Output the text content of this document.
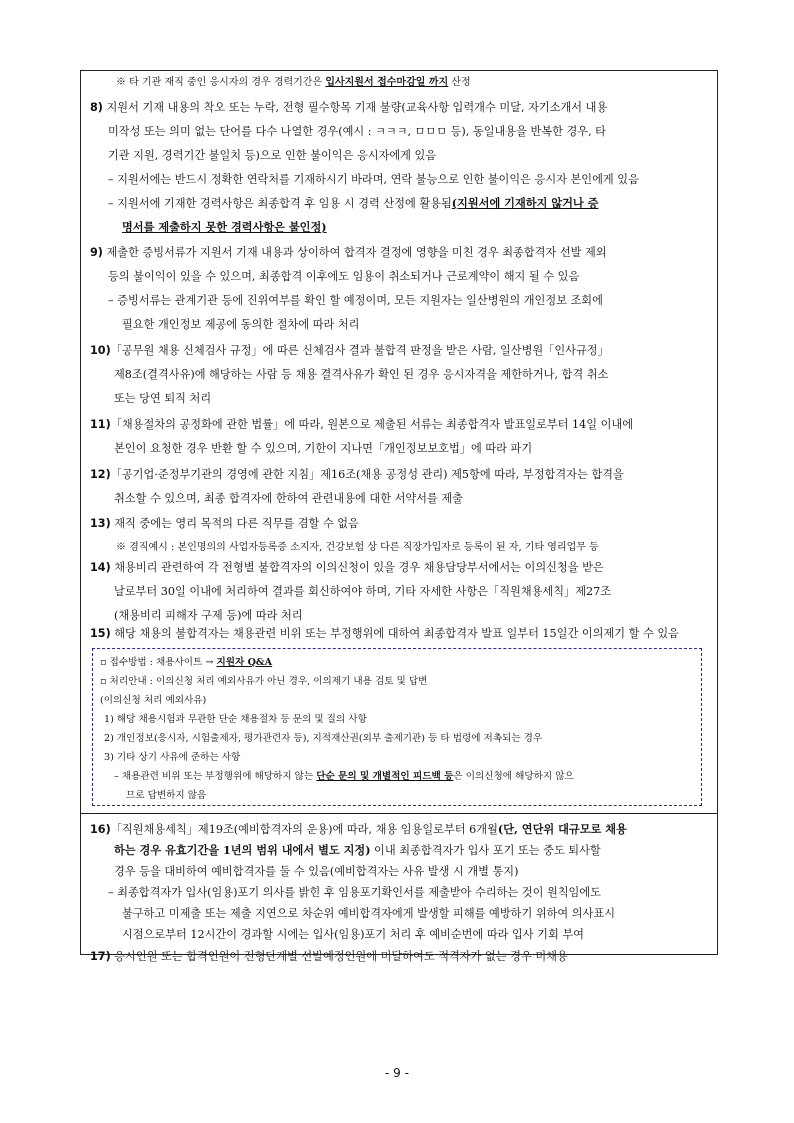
※ 타 기관 재직 중인 응시자의 경우 경력기간은 입사지원서 접수마감일 까지 산정
8) 지원서 기재 내용의 착오 또는 누락, 전형 필수항목 기재 불량(교육사항 입력개수 미달, 자기소개서 내용
미작성 또는 의미 없는 단어를 다수 나열한 경우(예시 : ㅋㅋㅋ, ㅁㅁㅁ 등), 동일내용을 반복한 경우, 타
기관 지원, 경력기간 불일치 등)으로 인한 불이익은 응시자에게 있음
– 지원서에는 반드시 정확한 연락처를 기재하시기 바라며, 연락 불능으로 인한 불이익은 응시자 본인에게 있음
– 지원서에 기재한 경력사항은 최종합격 후 임용 시 경력 산정에 활용됨(지원서에 기재하지 않거나 증
명서를 제출하지 못한 경력사항은 불인정)
9) 제출한 증빙서류가 지원서 기재 내용과 상이하여 합격자 결정에 영향을 미친 경우 최종합격자 선발 제외
등의 불이익이 있을 수 있으며, 최종합격 이후에도 임용이 취소되거나 근로계약이 해지 될 수 있음
– 증빙서류는 관계기관 등에 진위여부를 확인 할 예정이며, 모든 지원자는 일산병원의 개인정보 조회에
필요한 개인정보 제공에 동의한 절차에 따라 처리
10)「공무원 채용 신체검사 규정」에 따른 신체검사 결과 불합격 판정을 받은 사람, 일산병원「인사규정」
제8조(결격사유)에 해당하는 사람 등 채용 결격사유가 확인 된 경우 응시자격을 제한하거나, 합격 취소
또는 당연 퇴직 처리
11)「채용절차의 공정화에 관한 법률」에 따라, 원본으로 제출된 서류는 최종합격자 발표일로부터 14일 이내에
본인이 요청한 경우 반환 할 수 있으며, 기한이 지나면「개인정보보호법」에 따라 파기
12)「공기업·준정부기관의 경영에 관한 지침」제16조(채용 공정성 관리) 제5항에 따라, 부정합격자는 합격을
취소할 수 있으며, 최종 합격자에 한하여 관련내용에 대한 서약서를 제출
13) 재직 중에는 영리 목적의 다른 직무를 겸할 수 없음
※ 겸직예시 : 본인명의의 사업자등록증 소지자, 건강보험 상 다른 직장가입자로 등록이 된 자, 기타 영리업무 등
14) 채용비리 관련하여 각 전형별 불합격자의 이의신청이 있을 경우 채용담당부서에서는 이의신청을 받은
날로부터 30일 이내에 처리하여 결과를 회신하여야 하며, 기타 자세한 사항은「직원채용세칙」제27조
(채용비리 피해자 구제 등)에 따라 처리
15) 해당 채용의 불합격자는 채용관련 비위 또는 부정행위에 대하여 최종합격자 발표 일부터 15일간 이의제기 할 수 있음
▫ 접수방법 : 채용사이트 → 지원자 Q&A
▫ 처리안내 : 이의신청 처리 예외사유가 아닌 경우, 이의제기 내용 검토 및 답변
(이의신청 처리 예외사유)
1) 해당 채용시험과 무관한 단순 채용절차 등 문의 및 질의 사항
2) 개인정보(응시자, 시험출제자, 평가관련자 등), 지적재산권(외부 출제기관) 등 타 법령에 저촉되는 경우
3) 기타 상기 사유에 준하는 사항
– 채용관련 비위 또는 부정행위에 해당하지 않는 단순 문의 및 개별적인 피드백 등은 이의신청에 해당하지 않으
므로 답변하지 않음
16)「직원채용세칙」제19조(예비합격자의 운용)에 따라, 채용 임용일로부터 6개월(단, 연단위 대규모로 채용
하는 경우 유효기간을 1년의 범위 내에서 별도 지정) 이내 최종합격자가 입사 포기 또는 중도 퇴사할
경우 등을 대비하여 예비합격자를 둘 수 있음(예비합격자는 사유 발생 시 개별 통지)
– 최종합격자가 입사(임용)포기 의사를 밝힌 후 임용포기확인서를 제출받아 수리하는 것이 원칙임에도
불구하고 미제출 또는 제출 지연으로 차순위 예비합격자에게 발생할 피해를 예방하기 위하여 의사표시
시점으로부터 12시간이 경과할 시에는 입사(임용)포기 처리 후 예비순번에 따라 입사 기회 부여
17) 응시인원 또는 합격인원이 전형단계별 선발예정인원에 미달하여도 적격자가 없는 경우 미채용
- 9 -
